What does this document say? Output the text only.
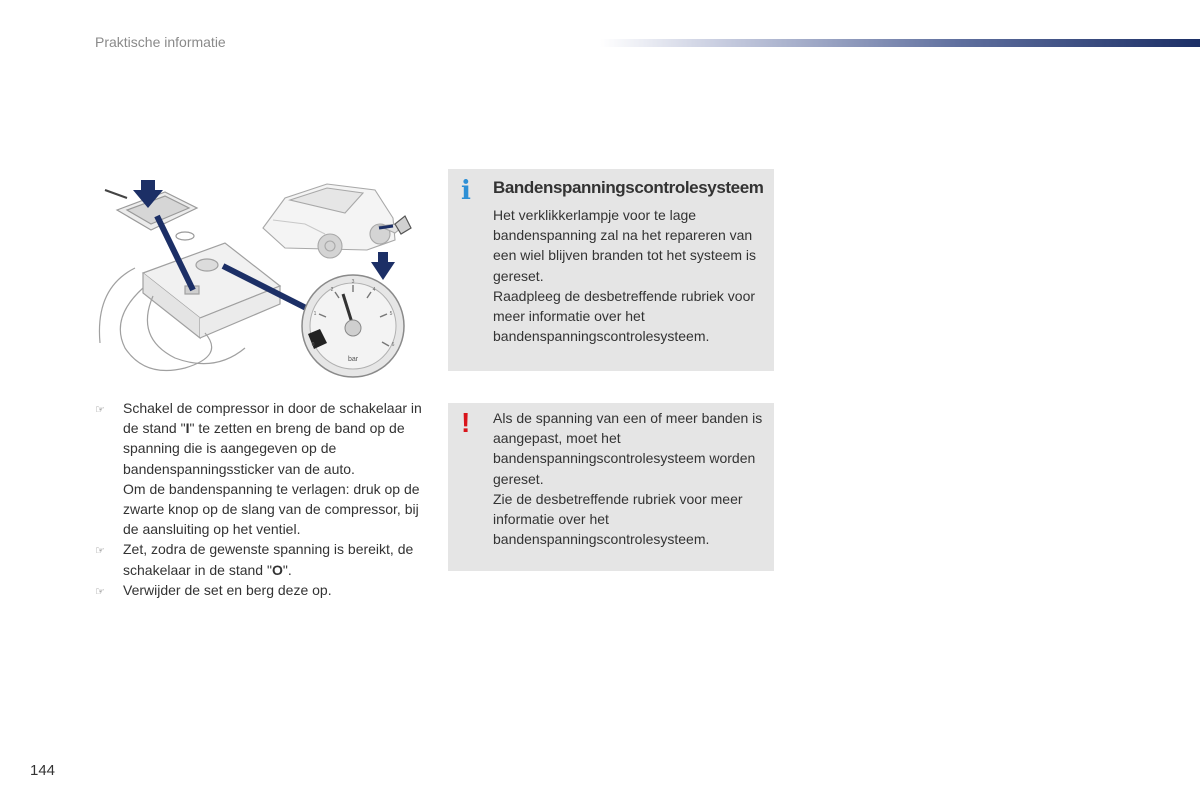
Praktische informatie
bar
0
1
2
3
4
5
6
☞	Schakel de compressor in door de schakelaar in de stand "I" te zetten en breng de band op de spanning die is aangegeven op de bandenspanningssticker van de auto.

Om de bandenspanning te verlagen: druk op de zwarte knop op de slang van de compressor, bij de aansluiting op het ventiel.

☞	Zet, zodra de gewenste spanning is bereikt, de schakelaar in de stand "O".

☞	Verwijder de set en berg deze op.

i Bandenspanningscontrolesysteem

Het verklikkerlampje voor te lage bandenspanning zal na het repareren van een wiel blijven branden tot het systeem is gereset.

Raadpleeg de desbetreffende rubriek voor meer informatie over het bandenspanningscontrolesysteem.

! Als de spanning van een of meer banden is aangepast, moet het bandenspanningscontrolesysteem worden gereset.

Zie de desbetreffende rubriek voor meer informatie over het bandenspanningscontrolesysteem.

144
